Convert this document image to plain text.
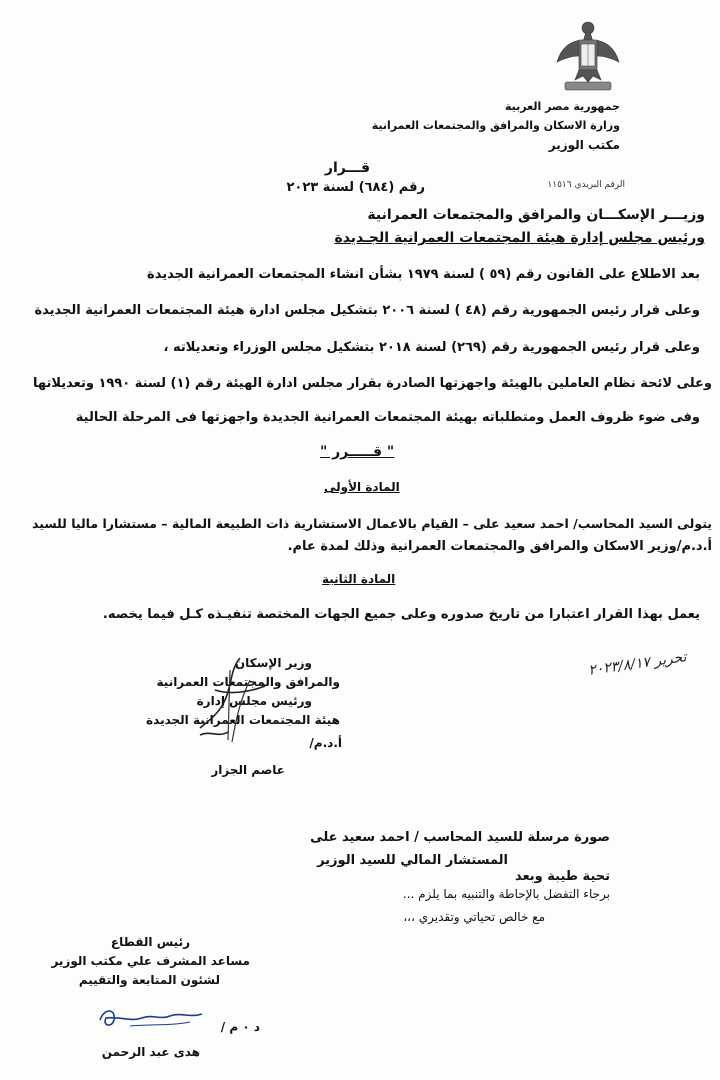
جمهورية مصر العربية
وزارة الاسكان والمرافق والمجتمعات العمرانية
مكتب الوزير
قـــرار
رقم (٦٨٤) لسنة ٢٠٢٣	الرقم البريدي ١١٥١٦
وزيـــر الإسكـــان والمرافق والمجتمعات العمرانية
ورئيس مجلس إدارة هيئة المجتمعات العمرانية الجـديدة
بعد الاطلاع على القانون رقم (٥٩ ) لسنة ١٩٧٩ بشأن انشاء المجتمعات العمرانية الجديدة
وعلى قرار رئيس الجمهورية رقم (٤٨ ) لسنة ٢٠٠٦ بتشكيل مجلس ادارة هيئة المجتمعات العمرانية الجديدة
وعلى قرار رئيس الجمهورية رقم (٢٦٩) لسنة ٢٠١٨ بتشكيل مجلس الوزراء وتعديلاته ،
وعلى لائحة نظام العاملين بالهيئة واجهزتها الصادرة بقرار مجلس ادارة الهيئة رقم (١) لسنة ١٩٩٠ وتعديلاتها
وفى ضوء ظروف العمل ومتطلباته بهيئة المجتمعات العمرانية الجديدة واجهزتها فى المرحلة الحالية
" قـــــرر "
المادة الأولى
يتولى السيد المحاسب/ احمد سعيد على – القيام بالاعمال الاستشارية ذات الطبيعة المالية – مستشارا ماليا للسيد
أ.د.م/وزير الاسكان والمرافق والمجتمعات العمرانية وذلك لمدة عام.
المادة الثانية
يعمل بهذا القرار اعتبارا من تاريخ صدوره وعلى جميع الجهات المختصة تنفيـذه كـل فيما يخصه.
تحرير ٢٠٢٣/٨/١٧
وزير الإسكان
والمرافق والمجتمعات العمرانية
ورئيس مجلس إدارة
هيئة المجتمعات العمرانية الجديدة
أ.د.م/
عاصم الجزار
صورة مرسلة للسيد المحاسب / احمد سعيد على
المستشار المالي للسيد الوزير
تحية طيبة وبعد
برجاء التفضل بالإحاطة والتنبيه بما يلزم ...
مع خالص تحياتي وتقديري ،،،
رئيس القطاع
مساعد المشرف علي مكتب الوزير
لشئون المتابعة والتقييم
د ٠ م /
هدى عبد الرحمن
